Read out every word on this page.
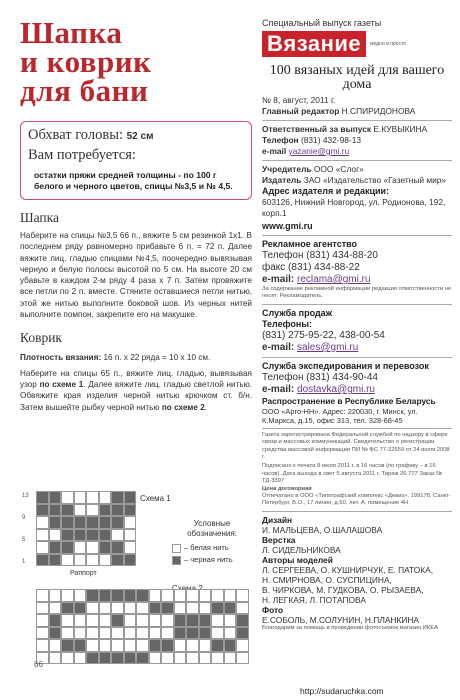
Шапка
и коврик
для бани
Обхват головы: 52 см
Вам потребуется:
остатки пряжи средней толщины - по 100 г белого и черного цветов, спицы №3,5 и № 4,5.
Шапка
Наберите на спицы №3,5 66 п., вяжите 5 см резинкой 1х1. В последнем ряду равномерно прибавьте 6 п. = 72 п. Далее вяжите лиц. гладью спицами №4,5, поочередно вывязывая черную и белую полосы высотой по 5 см. На высоте 20 см убавьте в каждом 2-м ряду 4 раза х 7 п. Затем провяжите все петли по 2 п. вместе. Стяните оставшиеся петли нитью, этой же нитью выполните боковой шов. Из черных нитей выполните помпон, закрепите его на макушке.
Коврик
Плотность вязания: 16 п. х 22 ряда = 10 х 10 см.
Наберите на спицы 65 п., вяжите лиц. гладью, вывязывая узор по схеме 1. Далее вяжите лиц. гладью светлой нитью. Обвяжите края изделия черной нитью крючком ст. б/н. Затем вышейте рыбку черной нитью по схеме 2.
13
9
5
1
Схема 1
Условные обозначения:
– белая нить
– черная нить
Раппорт
66
Специальный выпуск газеты
Вязание	модно и просто
100 вязаных идей для вашего дома
№ 8, август, 2011 г.
Главный редактор Н.СПИРИДОНОВА
Ответственный за выпуск Е.КУВЫКИНА
Телефон (831) 432-98-13
e-mail yazanie@gmi.ru
Учредитель ООО «Слог»
Издатель ЗАО «Издательство «Газетный мир»
Адрес издателя и редакции:
603126, Нижний Новгород, ул. Родионова, 192, корп.1
www.gmi.ru
Рекламное агентство
Телефон (831) 434-88-20
факс (831) 434-88-22
e-mail: reclama@gmi.ru
За содержание рекламной информации редакция ответственности не несет. Рекламодатель.
Служба продаж
Телефоны:
(831) 275-95-22, 438-00-54
e-mail: sales@gmi.ru
Служба экспедирования и перевозок
Телефон (831) 434-90-44
e-mail: dostavka@gmi.ru
Распространение в Республике Беларусь
ООО «Арго-НН». Адрес: 220030, г. Минск, ул. К.Маркса, д.15, офис 313, тел. 328-68-45
Газета зарегистрирована Федеральной службой по надзору в сфере связи и массовых коммуникаций. Свидетельство о регистрации средства массовой информации ПИ № ФС 77-32659 от 24 июля 2008 г.
Подписано к печати 8 июля 2011 г. в 16 часов (по графику – в 16 часов). Дата выхода в свет 5 августа 2011 г. Тираж 26 777 Заказ № ТД-3397
Цена договорная
Отпечатано в ООО «Типографский комплекс «Девиз», 199178, Санкт-Петербург, В.О., 17 линия, д.60, лит. А, помещение 4Н
Дизайн
И. МАЛЬЦЕВА, О.ШАЛАШОВА
Верстка
Л. СИДЕЛЬНИКОВА
Авторы моделей
Л. СЕРГЕЕВА, О. КУШНИРЧУК, Е. ПАТОКА,
Н. СМИРНОВА, О. СУСПИЦИНА,
В. ЧИРКОВА, М. ГУДКОВА, О. РЫЗАЕВА,
Н. ЛЕГКАЯ, Л. ПОТАПОВА
Фото
Е.СОБОЛЬ, М.СОЛУНИН, Н.ПЛАНКИНА
Благодарим за помощь в проведении фотосъемок магазин ИКЕА
http://sudaruchka.com
